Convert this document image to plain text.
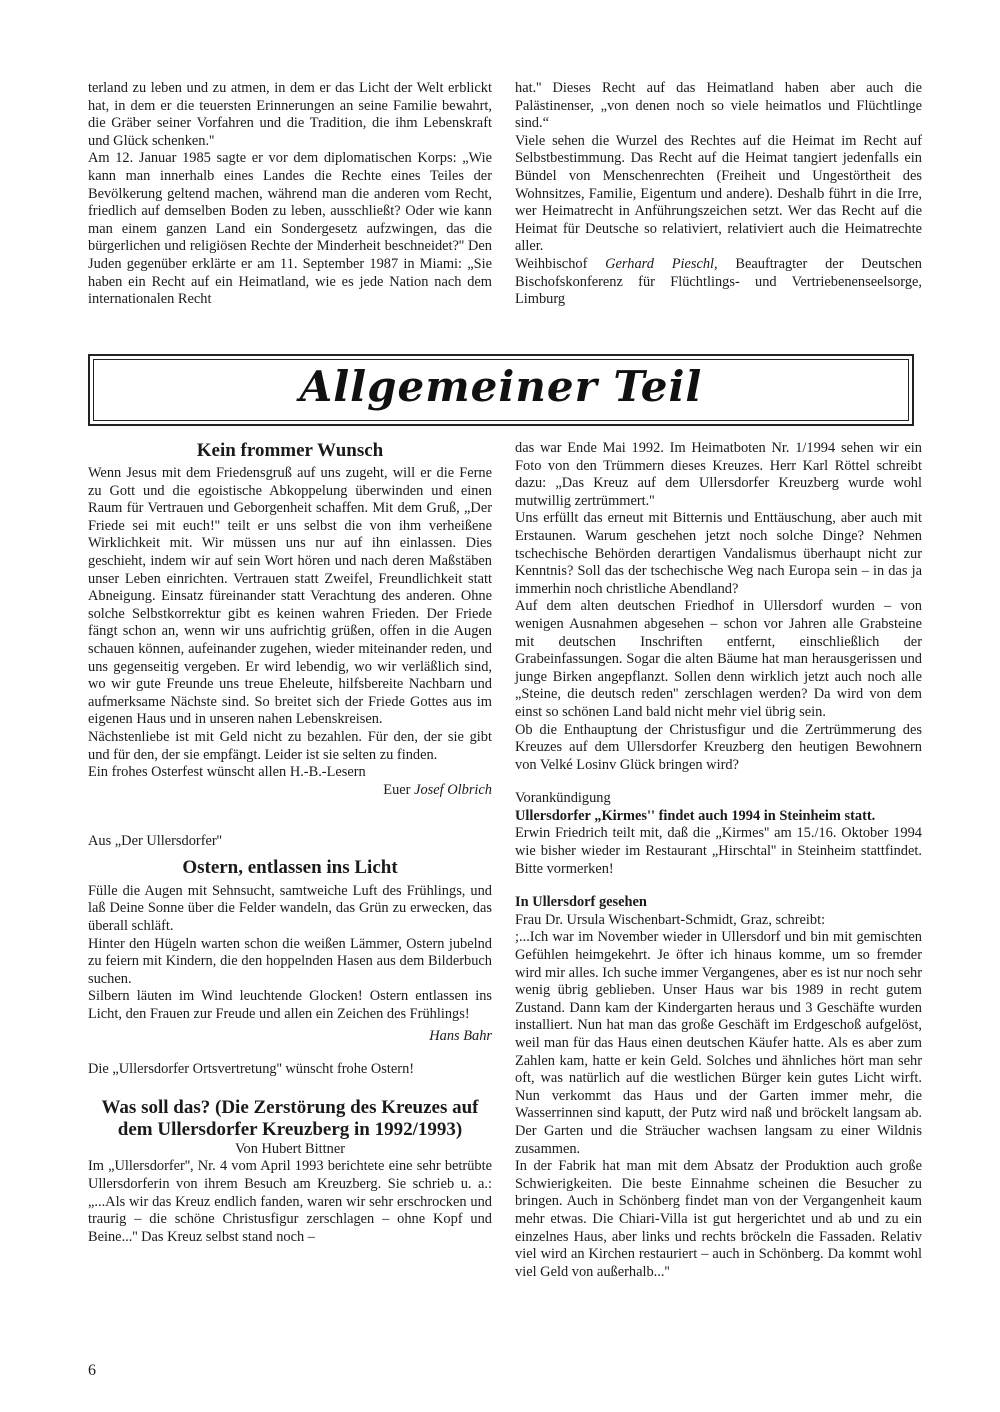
terland zu leben und zu atmen, in dem er das Licht der Welt erblickt hat, in dem er die teuersten Erinnerungen an seine Familie bewahrt, die Gräber seiner Vorfahren und die Tradition, die ihm Lebenskraft und Glück schenken.''

Am 12. Januar 1985 sagte er vor dem diplomatischen Korps: „Wie kann man innerhalb eines Landes die Rechte eines Teiles der Bevölkerung geltend machen, während man die anderen vom Recht, friedlich auf demselben Boden zu leben, ausschließt? Oder wie kann man einem ganzen Land ein Sondergesetz aufzwingen, das die bürgerlichen und religiösen Rechte der Minderheit beschneidet?'' Den Juden gegenüber erklärte er am 11. September 1987 in Miami: „Sie haben ein Recht auf ein Heimatland, wie es jede Nation nach dem internationalen Recht

hat.'' Dieses Recht auf das Heimatland haben aber auch die Palästinenser, „von denen noch so viele heimatlos und Flüchtlinge sind.“

Viele sehen die Wurzel des Rechtes auf die Heimat im Recht auf Selbstbestimmung. Das Recht auf die Heimat tangiert jedenfalls ein Bündel von Menschenrechten (Freiheit und Ungestörtheit des Wohnsitzes, Familie, Eigentum und andere). Deshalb führt in die Irre, wer Heimatrecht in Anführungszeichen setzt. Wer das Recht auf die Heimat für Deutsche so relativiert, relativiert auch die Heimatrechte aller.

Weihbischof Gerhard Pieschl, Beauftragter der Deutschen Bischofskonferenz für Flüchtlings- und Vertriebenenseelsorge, Limburg

Allgemeiner Teil
Kein frommer Wunsch

Wenn Jesus mit dem Friedensgruß auf uns zugeht, will er die Ferne zu Gott und die egoistische Abkoppelung überwinden und einen Raum für Vertrauen und Geborgenheit schaffen. Mit dem Gruß, „Der Friede sei mit euch!'' teilt er uns selbst die von ihm verheißene Wirklichkeit mit. Wir müssen uns nur auf ihn einlassen. Dies geschieht, indem wir auf sein Wort hören und nach deren Maßstäben unser Leben einrichten. Vertrauen statt Zweifel, Freundlichkeit statt Abneigung. Einsatz füreinander statt Verachtung des anderen. Ohne solche Selbstkorrektur gibt es keinen wahren Frieden. Der Friede fängt schon an, wenn wir uns aufrichtig grüßen, offen in die Augen schauen können, aufeinander zugehen, wieder miteinander reden, und uns gegenseitig vergeben. Er wird lebendig, wo wir verläßlich sind, wo wir gute Freunde uns treue Eheleute, hilfsbereite Nachbarn und aufmerksame Nächste sind. So breitet sich der Friede Gottes aus im eigenen Haus und in unseren nahen Lebenskreisen.

Nächstenliebe ist mit Geld nicht zu bezahlen. Für den, der sie gibt und für den, der sie empfängt. Leider ist sie selten zu finden.

Ein frohes Osterfest wünscht allen H.-B.-Lesern

Euer Josef Olbrich

Aus „Der Ullersdorfer''

Ostern, entlassen ins Licht

Fülle die Augen mit Sehnsucht, samtweiche Luft des Frühlings, und laß Deine Sonne über die Felder wandeln, das Grün zu erwecken, das überall schläft.

Hinter den Hügeln warten schon die weißen Lämmer, Ostern jubelnd zu feiern mit Kindern, die den hoppelnden Hasen aus dem Bilderbuch suchen.

Silbern läuten im Wind leuchtende Glocken! Ostern entlassen ins Licht, den Frauen zur Freude und allen ein Zeichen des Frühlings!

Hans Bahr

Die „Ullersdorfer Ortsvertretung'' wünscht frohe Ostern!

Was soll das? (Die Zerstörung des Kreuzes auf
dem Ullersdorfer Kreuzberg in 1992/1993)

Von Hubert Bittner

Im „Ullersdorfer'', Nr. 4 vom April 1993 berichtete eine sehr betrübte Ullersdorferin von ihrem Besuch am Kreuzberg. Sie schrieb u. a.: „...Als wir das Kreuz endlich fanden, waren wir sehr erschrocken und traurig – die schöne Christusfigur zerschlagen – ohne Kopf und Beine...'' Das Kreuz selbst stand noch –

das war Ende Mai 1992. Im Heimatboten Nr. 1/1994 sehen wir ein Foto von den Trümmern dieses Kreuzes. Herr Karl Röttel schreibt dazu: „Das Kreuz auf dem Ullersdorfer Kreuzberg wurde wohl mutwillig zertrümmert.''

Uns erfüllt das erneut mit Bitternis und Enttäuschung, aber auch mit Erstaunen. Warum geschehen jetzt noch solche Dinge? Nehmen tschechische Behörden derartigen Vandalismus überhaupt nicht zur Kenntnis? Soll das der tschechische Weg nach Europa sein – in das ja immerhin noch christliche Abendland?

Auf dem alten deutschen Friedhof in Ullersdorf wurden – von wenigen Ausnahmen abgesehen – schon vor Jahren alle Grabsteine mit deutschen Inschriften entfernt, einschließlich der Grabeinfassungen. Sogar die alten Bäume hat man herausgerissen und junge Birken angepflanzt. Sollen denn wirklich jetzt auch noch alle „Steine, die deutsch reden'' zerschlagen werden? Da wird von dem einst so schönen Land bald nicht mehr viel übrig sein.

Ob die Enthauptung der Christusfigur und die Zertrümmerung des Kreuzes auf dem Ullersdorfer Kreuzberg den heutigen Bewohnern von Velké Losinv Glück bringen wird?

Vorankündigung

Ullersdorfer „Kirmes'' findet auch 1994 in Steinheim statt.

Erwin Friedrich teilt mit, daß die „Kirmes'' am 15./16. Oktober 1994 wie bisher wieder im Restaurant „Hirschtal'' in Steinheim stattfindet. Bitte vormerken!

In Ullersdorf gesehen

Frau Dr. Ursula Wischenbart-Schmidt, Graz, schreibt:

;...Ich war im November wieder in Ullersdorf und bin mit gemischten Gefühlen heimgekehrt. Je öfter ich hinaus komme, um so fremder wird mir alles. Ich suche immer Vergangenes, aber es ist nur noch sehr wenig übrig geblieben. Unser Haus war bis 1989 in recht gutem Zustand. Dann kam der Kindergarten heraus und 3 Geschäfte wurden installiert. Nun hat man das große Geschäft im Erdgeschoß aufgelöst, weil man für das Haus einen deutschen Käufer hatte. Als es aber zum Zahlen kam, hatte er kein Geld. Solches und ähnliches hört man sehr oft, was natürlich auf die westlichen Bürger kein gutes Licht wirft. Nun verkommt das Haus und der Garten immer mehr, die Wasserrinnen sind kaputt, der Putz wird naß und bröckelt langsam ab. Der Garten und die Sträucher wachsen langsam zu einer Wildnis zusammen.

In der Fabrik hat man mit dem Absatz der Produktion auch große Schwierigkeiten. Die beste Einnahme scheinen die Besucher zu bringen. Auch in Schönberg findet man von der Vergangenheit kaum mehr etwas. Die Chiari-Villa ist gut hergerichtet und ab und zu ein einzelnes Haus, aber links und rechts bröckeln die Fassaden. Relativ viel wird an Kirchen restauriert – auch in Schönberg. Da kommt wohl viel Geld von außerhalb...''

6
